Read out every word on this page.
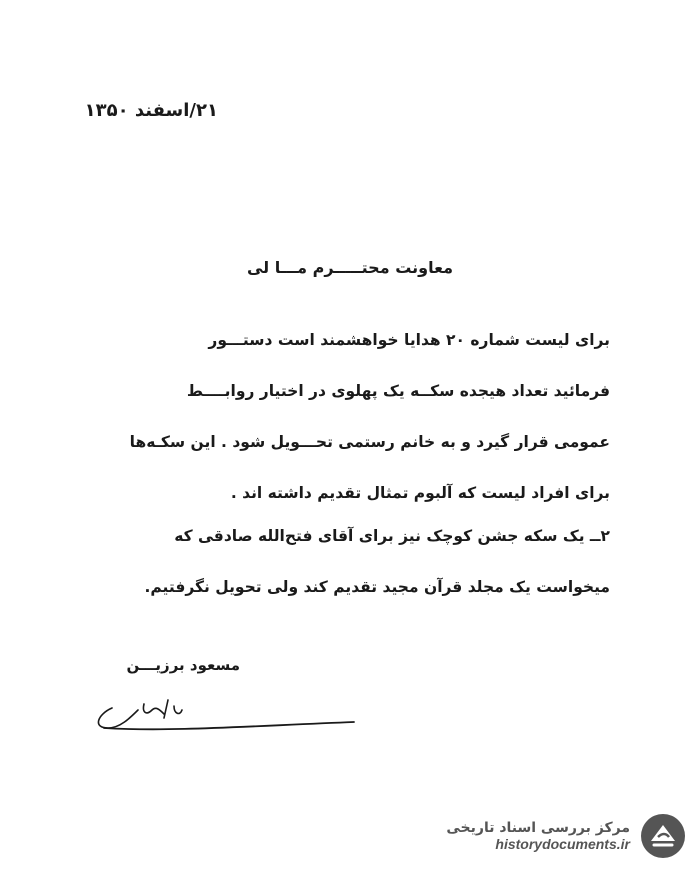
۲۱/اسفند ۱۳۵۰
معاونت محتـــــرم مـــا لی
برای لیست شماره ۲۰ هدایا خواهشمند است دستـــور
فرمائید تعداد هیجده سکــه یک پهلوی در اختیار روابــــط
عمومی قرار گیرد و به خانم رستمی تحـــویل شود . این سکـه‌ها
برای افراد لیست که آلبوم تمثال تقدیم داشته اند .
۲ــ یک سکه جشن کوچک نیز برای آقای فتح‌الله صادقی که
میخواست یک مجلد قرآن مجید تقدیم کند ولی تحویل نگرفتیم.
مسعود برزیـــن
مرکز بررسی اسناد تاریخی
historydocuments.ir
